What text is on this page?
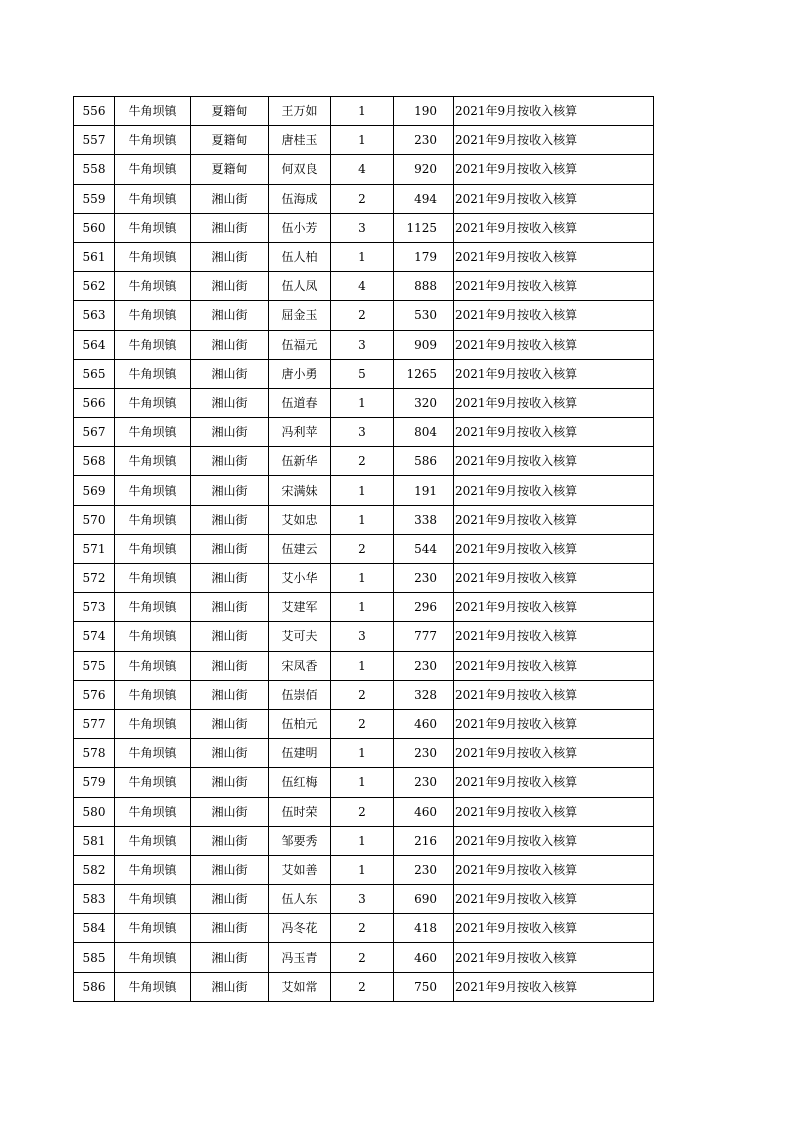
556	牛角坝镇	夏籍甸	王万如	1	190	2021年9月按收入核算
557	牛角坝镇	夏籍甸	唐桂玉	1	230	2021年9月按收入核算
558	牛角坝镇	夏籍甸	何双良	4	920	2021年9月按收入核算
559	牛角坝镇	湘山街	伍海成	2	494	2021年9月按收入核算
560	牛角坝镇	湘山街	伍小芳	3	1125	2021年9月按收入核算
561	牛角坝镇	湘山街	伍人柏	1	179	2021年9月按收入核算
562	牛角坝镇	湘山街	伍人凤	4	888	2021年9月按收入核算
563	牛角坝镇	湘山街	屈金玉	2	530	2021年9月按收入核算
564	牛角坝镇	湘山街	伍福元	3	909	2021年9月按收入核算
565	牛角坝镇	湘山街	唐小勇	5	1265	2021年9月按收入核算
566	牛角坝镇	湘山街	伍道春	1	320	2021年9月按收入核算
567	牛角坝镇	湘山街	冯利苹	3	804	2021年9月按收入核算
568	牛角坝镇	湘山街	伍新华	2	586	2021年9月按收入核算
569	牛角坝镇	湘山街	宋满妹	1	191	2021年9月按收入核算
570	牛角坝镇	湘山街	艾如忠	1	338	2021年9月按收入核算
571	牛角坝镇	湘山街	伍建云	2	544	2021年9月按收入核算
572	牛角坝镇	湘山街	艾小华	1	230	2021年9月按收入核算
573	牛角坝镇	湘山街	艾建军	1	296	2021年9月按收入核算
574	牛角坝镇	湘山街	艾可夫	3	777	2021年9月按收入核算
575	牛角坝镇	湘山街	宋凤香	1	230	2021年9月按收入核算
576	牛角坝镇	湘山街	伍崇佰	2	328	2021年9月按收入核算
577	牛角坝镇	湘山街	伍柏元	2	460	2021年9月按收入核算
578	牛角坝镇	湘山街	伍建明	1	230	2021年9月按收入核算
579	牛角坝镇	湘山街	伍红梅	1	230	2021年9月按收入核算
580	牛角坝镇	湘山街	伍时荣	2	460	2021年9月按收入核算
581	牛角坝镇	湘山街	邹要秀	1	216	2021年9月按收入核算
582	牛角坝镇	湘山街	艾如善	1	230	2021年9月按收入核算
583	牛角坝镇	湘山街	伍人东	3	690	2021年9月按收入核算
584	牛角坝镇	湘山街	冯冬花	2	418	2021年9月按收入核算
585	牛角坝镇	湘山街	冯玉青	2	460	2021年9月按收入核算
586	牛角坝镇	湘山街	艾如常	2	750	2021年9月按收入核算
